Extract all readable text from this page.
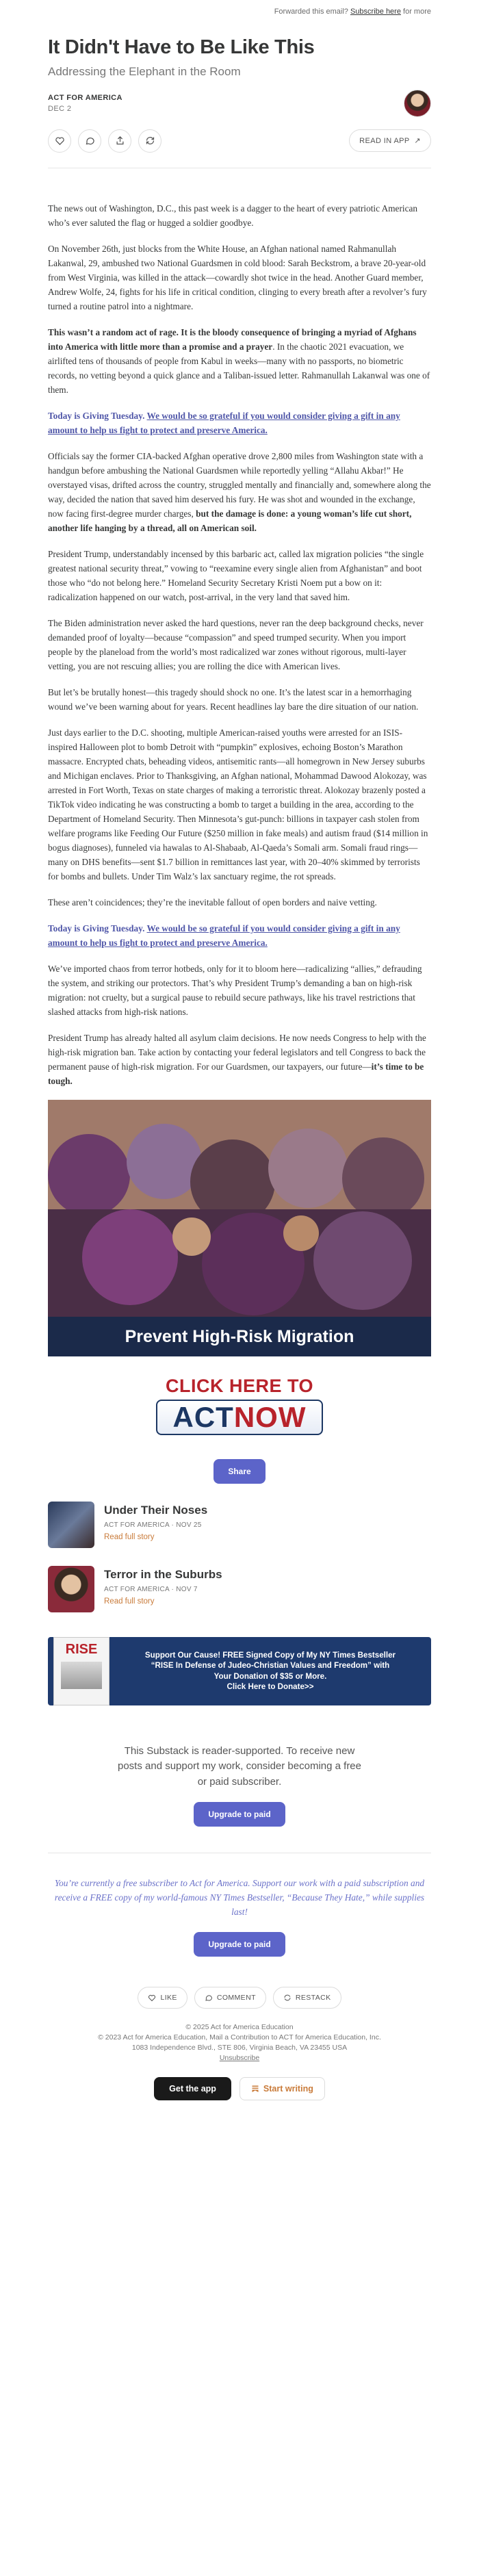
Forwarded this email? Subscribe here for more
It Didn't Have to Be Like This
Addressing the Elephant in the Room
ACT FOR AMERICA
DEC 2
READ IN APP  ↗

The news out of Washington, D.C., this past week is a dagger to the heart of every patriotic American who’s ever saluted the flag or hugged a soldier goodbye.

On November 26th, just blocks from the White House, an Afghan national named Rahmanullah Lakanwal, 29, ambushed two National Guardsmen in cold blood: Sarah Beckstrom, a brave 20-year-old from West Virginia, was killed in the attack—cowardly shot twice in the head. Another Guard member, Andrew Wolfe, 24, fights for his life in critical condition, clinging to every breath after a revolver’s fury turned a routine patrol into a nightmare.

This wasn’t a random act of rage. It is the bloody consequence of bringing a myriad of Afghans into America with little more than a promise and a prayer. In the chaotic 2021 evacuation, we airlifted tens of thousands of people from Kabul in weeks—many with no passports, no biometric records, no vetting beyond a quick glance and a Taliban-issued letter. Rahmanullah Lakanwal was one of them.

Today is Giving Tuesday. We would be so grateful if you would consider giving a gift in any amount to help us fight to protect and preserve America.

Officials say the former CIA-backed Afghan operative drove 2,800 miles from Washington state with a handgun before ambushing the National Guardsmen while reportedly yelling “Allahu Akbar!” He overstayed visas, drifted across the country, struggled mentally and financially and, somewhere along the way, decided the nation that saved him deserved his fury. He was shot and wounded in the exchange, now facing first-degree murder charges, but the damage is done: a young woman’s life cut short, another life hanging by a thread, all on American soil.

President Trump, understandably incensed by this barbaric act, called lax migration policies “the single greatest national security threat,” vowing to “reexamine every single alien from Afghanistan” and boot those who “do not belong here.” Homeland Security Secretary Kristi Noem put a bow on it: radicalization happened on our watch, post-arrival, in the very land that saved him.

The Biden administration never asked the hard questions, never ran the deep background checks, never demanded proof of loyalty—because “compassion” and speed trumped security. When you import people by the planeload from the world’s most radicalized war zones without rigorous, multi-layer vetting, you are not rescuing allies; you are rolling the dice with American lives.

But let’s be brutally honest—this tragedy should shock no one. It’s the latest scar in a hemorrhaging wound we’ve been warning about for years. Recent headlines lay bare the dire situation of our nation.

Just days earlier to the D.C. shooting, multiple American-raised youths were arrested for an ISIS-inspired Halloween plot to bomb Detroit with “pumpkin” explosives, echoing Boston’s Marathon massacre. Encrypted chats, beheading videos, antisemitic rants—all homegrown in New Jersey suburbs and Michigan enclaves. Prior to Thanksgiving, an Afghan national, Mohammad Dawood Alokozay, was arrested in Fort Worth, Texas on state charges of making a terroristic threat. Alokozay brazenly posted a TikTok video indicating he was constructing a bomb to target a building in the area, according to the Department of Homeland Security. Then Minnesota’s gut-punch: billions in taxpayer cash stolen from welfare programs like Feeding Our Future ($250 million in fake meals) and autism fraud ($14 million in bogus diagnoses), funneled via hawalas to Al-Shabaab, Al-Qaeda’s Somali arm. Somali fraud rings—many on DHS benefits—sent $1.7 billion in remittances last year, with 20–40% skimmed by terrorists for bombs and bullets. Under Tim Walz’s lax sanctuary regime, the rot spreads.

These aren’t coincidences; they’re the inevitable fallout of open borders and naive vetting.

Today is Giving Tuesday. We would be so grateful if you would consider giving a gift in any amount to help us fight to protect and preserve America.

We’ve imported chaos from terror hotbeds, only for it to bloom here—radicalizing “allies,” defrauding the system, and striking our protectors. That’s why President Trump’s demanding a ban on high-risk migration: not cruelty, but a surgical pause to rebuild secure pathways, like his travel restrictions that slashed attacks from high-risk nations.

President Trump has already halted all asylum claim decisions. He now needs Congress to help with the high-risk migration ban. Take action by contacting your federal legislators and tell Congress to back the permanent pause of high-risk migration. For our Guardsmen, our taxpayers, our future—it’s time to be tough.

Prevent High-Risk Migration
CLICK HERE TO
ACTNOW
Share
Under Their Noses
ACT FOR AMERICA · NOV 25
Read full story
Terror in the Suburbs
ACT FOR AMERICA · NOV 7
Read full story
RISE	Support Our Cause! FREE Signed Copy of My NY Times Bestseller
“RISE In Defense of Judeo-Christian Values and Freedom” with
Your Donation of $35 or More.
Click Here to Donate>>
This Substack is reader-supported. To receive new posts and support my work, consider becoming a free or paid subscriber.
Upgrade to paid
You’re currently a free subscriber to Act for America. Support our work with a paid subscription and receive a FREE copy of my world-famous NY Times Bestseller, “Because They Hate,” while supplies last!
Upgrade to paid
LIKE	COMMENT	RESTACK
© 2025 Act for America Education
© 2023 Act for America Education, Mail a Contribution to ACT for America Education, Inc.
1083 Independence Blvd., STE 806, Virginia Beach, VA 23455 USA
Unsubscribe
Get the app	Start writing
